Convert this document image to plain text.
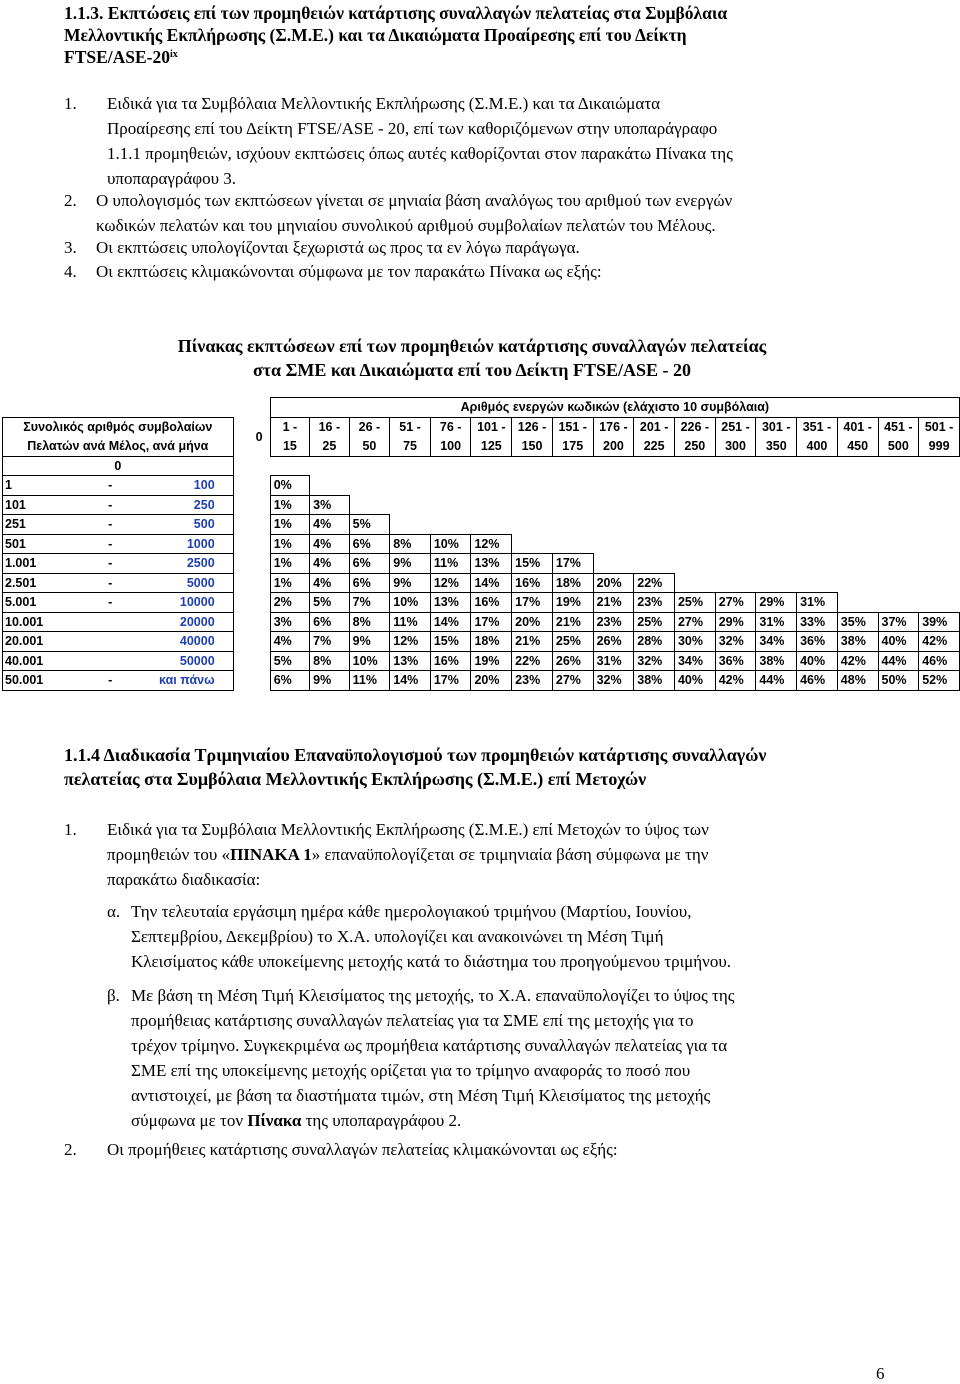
1.1.3. Εκπτώσεις επί των προμηθειών κατάρτισης συναλλαγών πελατείας στα Συμβόλαια
Μελλοντικής Εκπλήρωσης (Σ.Μ.Ε.) και τα Δικαιώματα Προαίρεσης επί του Δείκτη
FTSE/ASE-20$^{ix}$
1. Ειδικά για τα Συμβόλαια Μελλοντικής Εκπλήρωσης (Σ.Μ.Ε.) και τα Δικαιώματα
Προαίρεσης επί του Δείκτη FTSE/ASE - 20, επί των καθοριζόμενων στην υποπαράγραφο
1.1.1 προμηθειών, ισχύουν εκπτώσεις όπως αυτές καθορίζονται στον παρακάτω Πίνακα της
υποπαραγράφου 3.
2. Ο υπολογισμός των εκπτώσεων γίνεται σε μηνιαία βάση αναλόγως του αριθμού των ενεργών
κωδικών πελατών και του μηνιαίου συνολικού αριθμού συμβολαίων πελατών του Μέλους.
3. Οι εκπτώσεις υπολογίζονται ξεχωριστά ως προς τα εν λόγω παράγωγα.
4. Οι εκπτώσεις κλιμακώνονται σύμφωνα με τον παρακάτω Πίνακα ως εξής:
Πίνακας εκπτώσεων επί των προμηθειών κατάρτισης συναλλαγών πελατείας
στα ΣΜΕ και Δικαιώματα επί του Δείκτη FTSE/ASE - 20
					Αριθμός ενεργών κωδικών (ελάχιστο 10 συμβόλαια)																

Συνολικός αριθμός συμβολαίων
Πελατών ανά Μέλος, ανά μήνα				0	1 -	16 -	26 -	51 -	76 -	101 -	126 -	151 -	176 -	201 -	226 -	251 -	301 -	351 -	401 -	451 -	501 -
					15	25	50	75	100	125	150	175	200	225	250	300	350	400	450	500	999
0																					
1	-	100			0%																
101	-	250			1%	3%															
251	-	500			1%	4%	5%														
501	-	1000			1%	4%	6%	8%	10%	12%											
1.001	-	2500			1%	4%	6%	9%	11%	13%	15%	17%									
2.501	-	5000			1%	4%	6%	9%	12%	14%	16%	18%	20%	22%							
5.001	-	10000			2%	5%	7%	10%	13%	16%	17%	19%	21%	23%	25%	27%	29%	31%			
10.001		20000			3%	6%	8%	11%	14%	17%	20%	21%	23%	25%	27%	29%	31%	33%	35%	37%	39%
20.001		40000			4%	7%	9%	12%	15%	18%	21%	25%	26%	28%	30%	32%	34%	36%	38%	40%	42%
40.001		50000			5%	8%	10%	13%	16%	19%	22%	26%	31%	32%	34%	36%	38%	40%	42%	44%	46%
50.001	-	και πάνω			6%	9%	11%	14%	17%	20%	23%	27%	32%	38%	40%	42%	44%	46%	48%	50%	52%
1.1.4 Διαδικασία Τριμηνιαίου Επαναϋπολογισμού των προμηθειών κατάρτισης συναλλαγών
πελατείας στα Συμβόλαια Μελλοντικής Εκπλήρωσης (Σ.Μ.Ε.) επί Μετοχών
1. Ειδικά για τα Συμβόλαια Μελλοντικής Εκπλήρωσης (Σ.Μ.Ε.) επί Μετοχών το ύψος των
προμηθειών του «ΠΙΝΑΚΑ 1» επαναϋπολογίζεται σε τριμηνιαία βάση σύμφωνα με την
παρακάτω διαδικασία:
α. Την τελευταία εργάσιμη ημέρα κάθε ημερολογιακού τριμήνου (Μαρτίου, Ιουνίου,
Σεπτεμβρίου, Δεκεμβρίου) το Χ.Α. υπολογίζει και ανακοινώνει τη Μέση Τιμή
Κλεισίματος κάθε υποκείμενης μετοχής κατά το διάστημα του προηγούμενου τριμήνου.
β. Με βάση τη Μέση Τιμή Κλεισίματος της μετοχής, το Χ.Α. επαναϋπολογίζει το ύψος της
προμήθειας κατάρτισης συναλλαγών πελατείας για τα ΣΜΕ επί της μετοχής για το
τρέχον τρίμηνο. Συγκεκριμένα ως προμήθεια κατάρτισης συναλλαγών πελατείας για τα
ΣΜΕ επί της υποκείμενης μετοχής ορίζεται για το τρίμηνο αναφοράς το ποσό που
αντιστοιχεί, με βάση τα διαστήματα τιμών, στη Μέση Τιμή Κλεισίματος της μετοχής
σύμφωνα με τον Πίνακα της υποπαραγράφου 2.
2. Οι προμήθειες κατάρτισης συναλλαγών πελατείας κλιμακώνονται ως εξής:
6
